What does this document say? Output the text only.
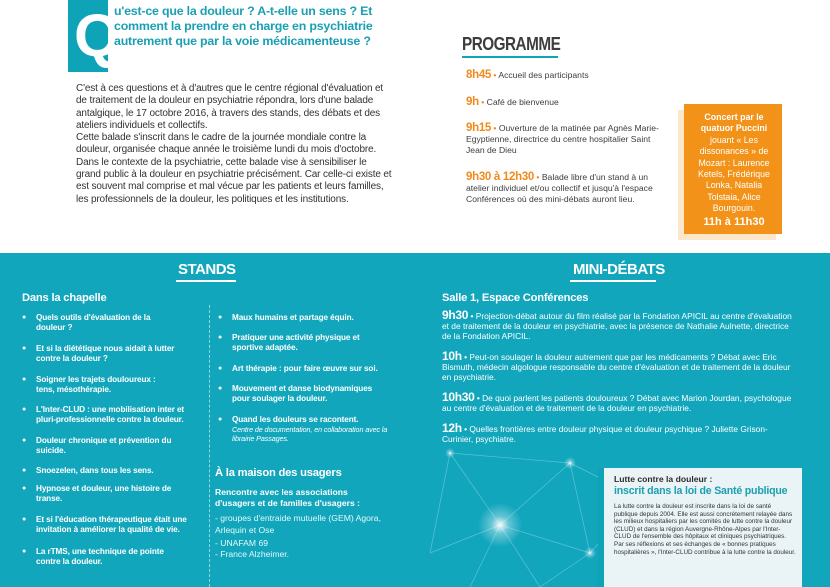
Q
u'est-ce que la douleur ? A-t-elle un sens ? Et comment la prendre en charge en psychiatrie autrement que par la voie médicamenteuse ?

C'est à ces questions et à d'autres que le centre régional d'évaluation et de traitement de la douleur en psychiatrie répondra, lors d'une balade antalgique, le 17 octobre 2016, à travers des stands, des débats et des ateliers individuels et collectifs.

Cette balade s'inscrit dans le cadre de la journée mondiale contre la douleur, organisée chaque année le troisième lundi du mois d'octobre.

Dans le contexte de la psychiatrie, cette balade vise à sensibiliser le grand public à la douleur en psychiatrie précisément. Car celle-ci existe et est souvent mal comprise et mal vécue par les patients et leurs familles, les professionnels de la douleur, les politiques et les institutions.

PROGRAMME
8h45 • Accueil des participants
9h • Café de bienvenue
9h15 • Ouverture de la matinée par Agnès Marie-Egyptienne, directrice du centre hospitalier Saint Jean de Dieu
9h30 à 12h30 • Balade libre d'un stand à un atelier individuel et/ou collectif et jusqu'à l'espace Conférences où des mini-débats auront lieu.
Concert par le quatuor Puccini jouant « Les dissonances » de Mozart : Laurence Ketels, Frédérique Lonka, Natalia Tolstaia, Alice Bourgouin.
11h à 11h30
STANDS	MINI-DÉBATS
Dans la chapelle
● Quels outils d'évaluation de la douleur ?
● Et si la diététique nous aidait à lutter contre la douleur ?
● Soigner les trajets douloureux : tens, mésothérapie.
● L'Inter-CLUD : une mobilisation inter et pluri-professionnelle contre la douleur.
● Douleur chronique et prévention du suicide.
● Snoezelen, dans tous les sens.
● Hypnose et douleur, une histoire de transe.
● Et si l'éducation thérapeutique était une invitation à améliorer la qualité de vie.
● La rTMS, une technique de pointe contre la douleur.
● Maux humains et partage équin.
● Pratiquer une activité physique et sportive adaptée.
● Art thérapie : pour faire œuvre sur soi.
● Mouvement et danse biodynamiques pour soulager la douleur.
● Quand les douleurs se racontent.
Centre de documentation, en collaboration avec la librairie Passages.
À la maison des usagers
Rencontre avec les associations d'usagers et de familles d'usagers :
- groupes d'entraide mutuelle (GEM) Agora, Arlequin et Ose
- UNAFAM 69
- France Alzheimer.
Salle 1, Espace Conférences
9h30 • Projection-débat autour du film réalisé par la Fondation APICIL au centre d'évaluation et de traitement de la douleur en psychiatrie, avec la présence de Nathalie Aulnette, directrice de la Fondation APICIL.
10h • Peut-on soulager la douleur autrement que par les médicaments ? Débat avec Eric Bismuth, médecin algologue responsable du centre d'évaluation et de traitement de la douleur en psychiatrie.
10h30 • De quoi parlent les patients douloureux ? Débat avec Marion Jourdan, psychologue au centre d'évaluation et de traitement de la douleur en psychiatrie.
12h • Quelles frontières entre douleur physique et douleur psychique ? Juliette Grison-Curinier, psychiatre.
Lutte contre la douleur :
inscrit dans la loi de Santé publique
La lutte contre la douleur est inscrite dans la loi de santé publique depuis 2004. Elle est aussi concrètement relayée dans les milieux hospitaliers par les comités de lutte contre la douleur (CLUD) et dans la région Auvergne-Rhône-Alpes par l'Inter-CLUD de l'ensemble des hôpitaux et cliniques psychiatriques. Par ses réflexions et ses échanges de « bonnes pratiques hospitalières », l'Inter-CLUD contribue à la lutte contre la douleur.
